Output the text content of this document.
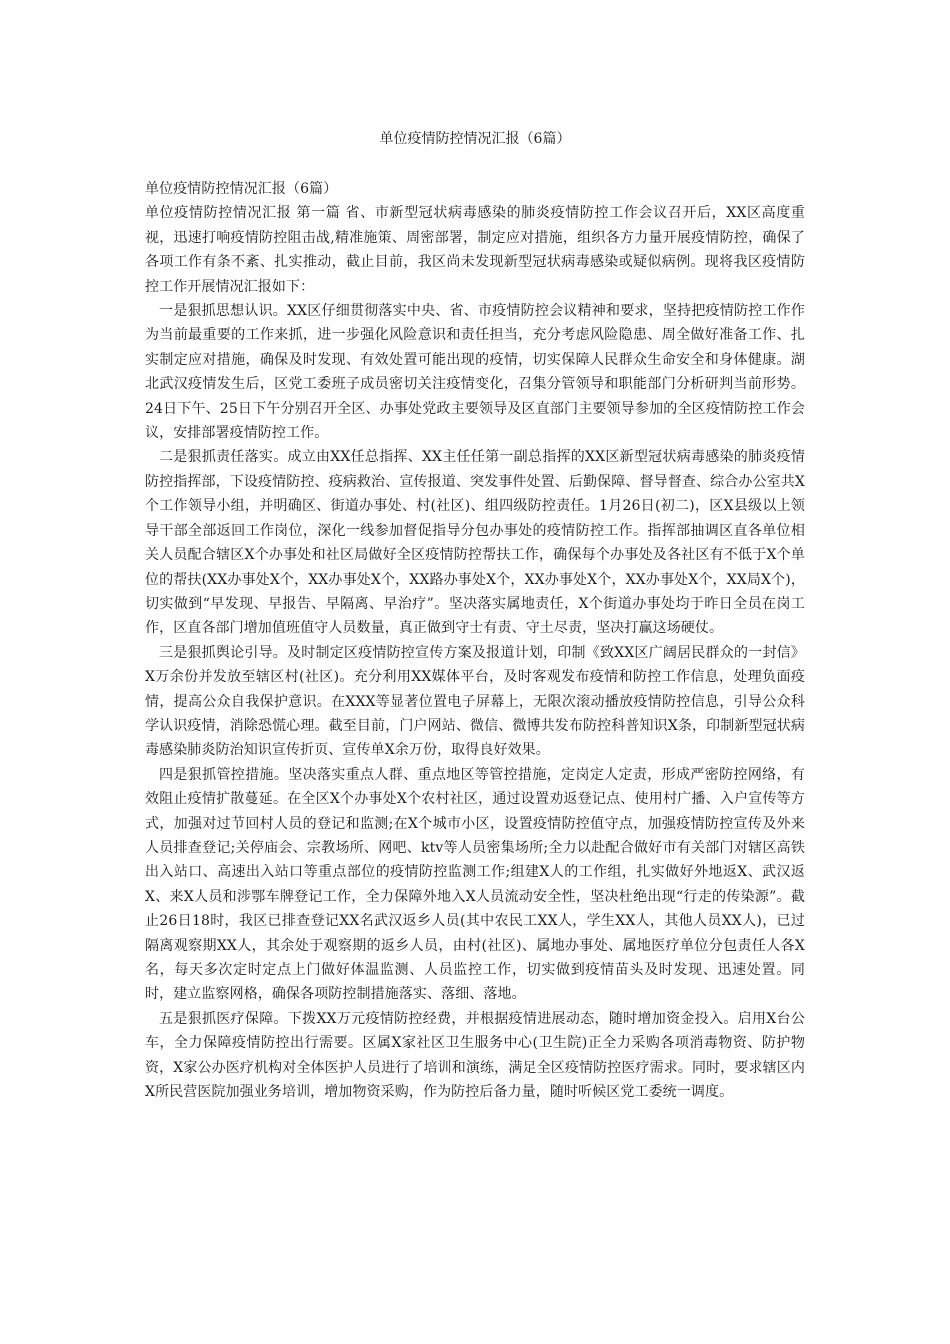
单位疫情防控情况汇报（6篇）

单位疫情防控情况汇报（6篇）

单位疫情防控情况汇报 第一篇 省、市新型冠状病毒感染的肺炎疫情防控工作会议召开后，XX区高度重视，迅速打响疫情防控阻击战,精准施策、周密部署，制定应对措施，组织各方力量开展疫情防控，确保了各项工作有条不紊、扎实推动，截止目前，我区尚未发现新型冠状病毒感染或疑似病例。现将我区疫情防控工作开展情况汇报如下：

一是狠抓思想认识。XX区仔细贯彻落实中央、省、市疫情防控会议精神和要求，坚持把疫情防控工作作为当前最重要的工作来抓，进一步强化风险意识和责任担当，充分考虑风险隐患、周全做好准备工作、扎实制定应对措施，确保及时发现、有效处置可能出现的疫情，切实保障人民群众生命安全和身体健康。湖北武汉疫情发生后，区党工委班子成员密切关注疫情变化，召集分管领导和职能部门分析研判当前形势。24日下午、25日下午分别召开全区、办事处党政主要领导及区直部门主要领导参加的全区疫情防控工作会议，安排部署疫情防控工作。

二是狠抓责任落实。成立由XX任总指挥、XX主任任第一副总指挥的XX区新型冠状病毒感染的肺炎疫情防控指挥部，下设疫情防控、疫病救治、宣传报道、突发事件处置、后勤保障、督导督查、综合办公室共X个工作领导小组，并明确区、街道办事处、村(社区)、组四级防控责任。1月26日(初二)，区X县级以上领导干部全部返回工作岗位，深化一线参加督促指导分包办事处的疫情防控工作。指挥部抽调区直各单位相关人员配合辖区X个办事处和社区局做好全区疫情防控帮扶工作，确保每个办事处及各社区有不低于X个单位的帮扶(XX办事处X个，XX办事处X个，XX路办事处X个，XX办事处X个，XX办事处X个，XX局X个)，切实做到“早发现、早报告、早隔离、早治疗”。坚决落实属地责任，X个街道办事处均于昨日全员在岗工作，区直各部门增加值班值守人员数量，真正做到守士有责、守土尽责，坚决打赢这场硬仗。

三是狠抓舆论引导。及时制定区疫情防控宣传方案及报道计划，印制《致XX区广阔居民群众的一封信》X万余份并发放至辖区村(社区)。充分利用XX媒体平台，及时客观发布疫情和防控工作信息，处理负面疫情，提高公众自我保护意识。在XXX等显著位置电子屏幕上，无限次滚动播放疫情防控信息，引导公众科学认识疫情，消除恐慌心理。截至目前，门户网站、微信、微博共发布防控科普知识X条，印制新型冠状病毒感染肺炎防治知识宣传折页、宣传单X余万份，取得良好效果。

四是狠抓管控措施。坚决落实重点人群、重点地区等管控措施，定岗定人定责，形成严密防控网络，有效阻止疫情扩散蔓延。在全区X个办事处X个农村社区，通过设置劝返登记点、使用村广播、入户宣传等方式，加强对过节回村人员的登记和监测;在X个城市小区，设置疫情防控值守点，加强疫情防控宣传及外来人员排查登记;关停庙会、宗教场所、网吧、ktv等人员密集场所;全力以赴配合做好市有关部门对辖区高铁出入站口、高速出入站口等重点部位的疫情防控监测工作;组建X人的工作组，扎实做好外地返X、武汉返X、来X人员和涉鄂车牌登记工作，全力保障外地入X人员流动安全性，坚决杜绝出现“行走的传染源”。截止26日18时，我区已排查登记XX名武汉返乡人员(其中农民工XX人，学生XX人，其他人员XX人)，已过隔离观察期XX人，其余处于观察期的返乡人员，由村(社区)、属地办事处、属地医疗单位分包责任人各X名，每天多次定时定点上门做好体温监测、人员监控工作，切实做到疫情苗头及时发现、迅速处置。同时，建立监察网格，确保各项防控制措施落实、落细、落地。

五是狠抓医疗保障。下拨XX万元疫情防控经费，并根据疫情进展动态，随时增加资金投入。启用X台公车，全力保障疫情防控出行需要。区属X家社区卫生服务中心(卫生院)正全力采购各项消毒物资、防护物资，X家公办医疗机构对全体医护人员进行了培训和演练，满足全区疫情防控医疗需求。同时，要求辖区内X所民营医院加强业务培训，增加物资采购，作为防控后备力量，随时听候区党工委统一调度。
